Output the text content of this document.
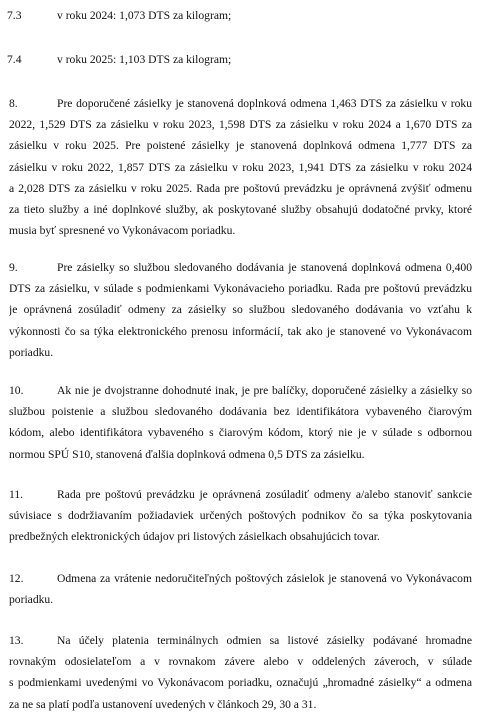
7.3	v roku 2024: 1,073 DTS za kilogram;
7.4	v roku 2025: 1,103 DTS za kilogram;
8.	Pre doporučené zásielky je stanovená doplnková odmena 1,463 DTS za zásielku v roku
2022, 1,529 DTS za zásielku v roku 2023, 1,598 DTS za zásielku v roku 2024 a 1,670 DTS za
zásielku v roku 2025. Pre poistené zásielky je stanovená doplnková odmena 1,777 DTS za
zásielku v roku 2022, 1,857 DTS za zásielku v roku 2023, 1,941 DTS za zásielku v roku 2024
a 2,028 DTS za zásielku v roku 2025. Rada pre poštovú prevádzku je oprávnená zvýšiť odmenu
za tieto služby a iné doplnkové služby, ak poskytované služby obsahujú dodatočné prvky, ktoré
musia byť spresnené vo Vykonávacom poriadku.
9.	Pre zásielky so službou sledovaného dodávania je stanovená doplnková odmena 0,400
DTS za zásielku, v súlade s podmienkami Vykonávacieho poriadku. Rada pre poštovú prevádzku
je oprávnená zosúladiť odmeny za zásielky so službou sledovaného dodávania vo vzťahu k
výkonnosti čo sa týka elektronického prenosu informácií, tak ako je stanovené vo Vykonávacom
poriadku.
10.	Ak nie je dvojstranne dohodnuté inak, je pre balíčky, doporučené zásielky a zásielky so
službou poistenie a službou sledovaného dodávania bez identifikátora vybaveného čiarovým
kódom, alebo identifikátora vybaveného s čiarovým kódom, ktorý nie je v súlade s odbornou
normou SPÚ S10, stanovená ďalšia doplnková odmena 0,5 DTS za zásielku.
11.	Rada pre poštovú prevádzku je oprávnená zosúladiť odmeny a/alebo stanoviť sankcie
súvisiace s dodržiavaním požiadaviek určených poštových podnikov čo sa týka poskytovania
predbežných elektronických údajov pri listových zásielkach obsahujúcich tovar.
12.	Odmena za vrátenie nedoručiteľných poštových zásielok je stanovená vo Vykonávacom
poriadku.
13.	Na účely platenia terminálnych odmien sa listové zásielky podávané hromadne
rovnakým odosielateľom a v rovnakom závere alebo v oddelených záveroch, v súlade
s podmienkami uvedenými vo Vykonávacom poriadku, označujú „hromadné zásielky“ a odmena
za ne sa platí podľa ustanovení uvedených v článkoch 29, 30 a 31.
